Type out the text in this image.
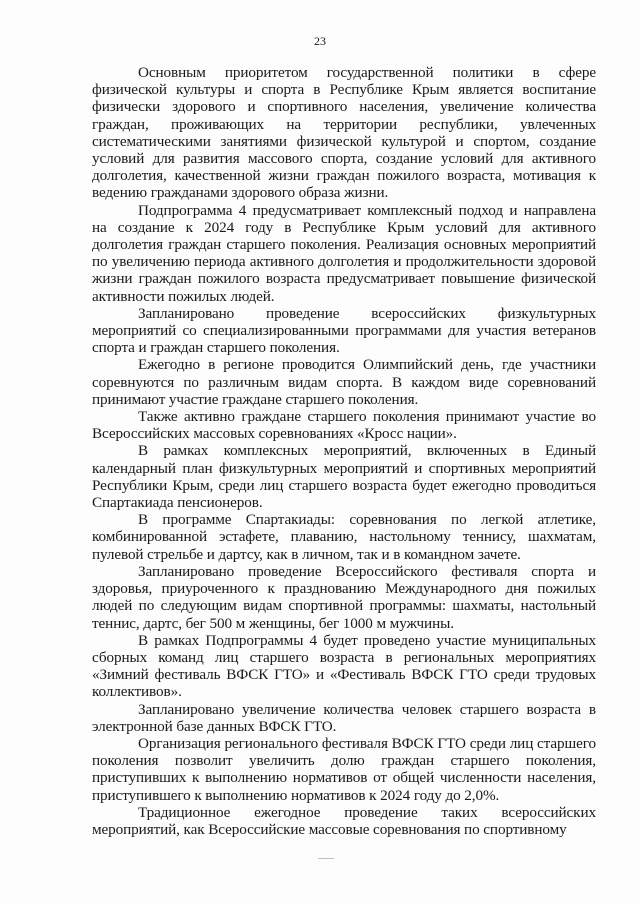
23

Основным приоритетом государственной политики в сфере физической культуры и спорта в Республике Крым является воспитание физически здорового и спортивного населения, увеличение количества граждан, проживающих на территории республики, увлеченных систематическими занятиями физической культурой и спортом, создание условий для развития массового спорта, создание условий для активного долголетия, качественной жизни граждан пожилого возраста, мотивация к ведению гражданами здорового образа жизни.

Подпрограмма 4 предусматривает комплексный подход и направлена на создание к 2024 году в Республике Крым условий для активного долголетия граждан старшего поколения. Реализация основных мероприятий по увеличению периода активного долголетия и продолжительности здоровой жизни граждан пожилого возраста предусматривает повышение физической активности пожилых людей.

Запланировано проведение всероссийских физкультурных мероприятий со специализированными программами для участия ветеранов спорта и граждан старшего поколения.

Ежегодно в регионе проводится Олимпийский день, где участники соревнуются по различным видам спорта. В каждом виде соревнований принимают участие граждане старшего поколения.

Также активно граждане старшего поколения принимают участие во Всероссийских массовых соревнованиях «Кросс нации».

В рамках комплексных мероприятий, включенных в Единый календарный план физкультурных мероприятий и спортивных мероприятий Республики Крым, среди лиц старшего возраста будет ежегодно проводиться Спартакиада пенсионеров.

В программе Спартакиады: соревнования по легкой атлетике, комбинированной эстафете, плаванию, настольному теннису, шахматам, пулевой стрельбе и дартсу, как в личном, так и в командном зачете.

Запланировано проведение Всероссийского фестиваля спорта и здоровья, приуроченного к празднованию Международного дня пожилых людей по следующим видам спортивной программы: шахматы, настольный теннис, дартс, бег 500 м женщины, бег 1000 м мужчины.

В рамках Подпрограммы 4 будет проведено участие муниципальных сборных команд лиц старшего возраста в региональных мероприятиях «Зимний фестиваль ВФСК ГТО» и «Фестиваль ВФСК ГТО среди трудовых коллективов».

Запланировано увеличение количества человек старшего возраста в электронной базе данных ВФСК ГТО.

Организация регионального фестиваля ВФСК ГТО среди лиц старшего поколения позволит увеличить долю граждан старшего поколения, приступивших к выполнению нормативов от общей численности населения, приступившего к выполнению нормативов к 2024 году до 2,0%.

Традиционное ежегодное проведение таких всероссийских мероприятий, как Всероссийские массовые соревнования по спортивному
